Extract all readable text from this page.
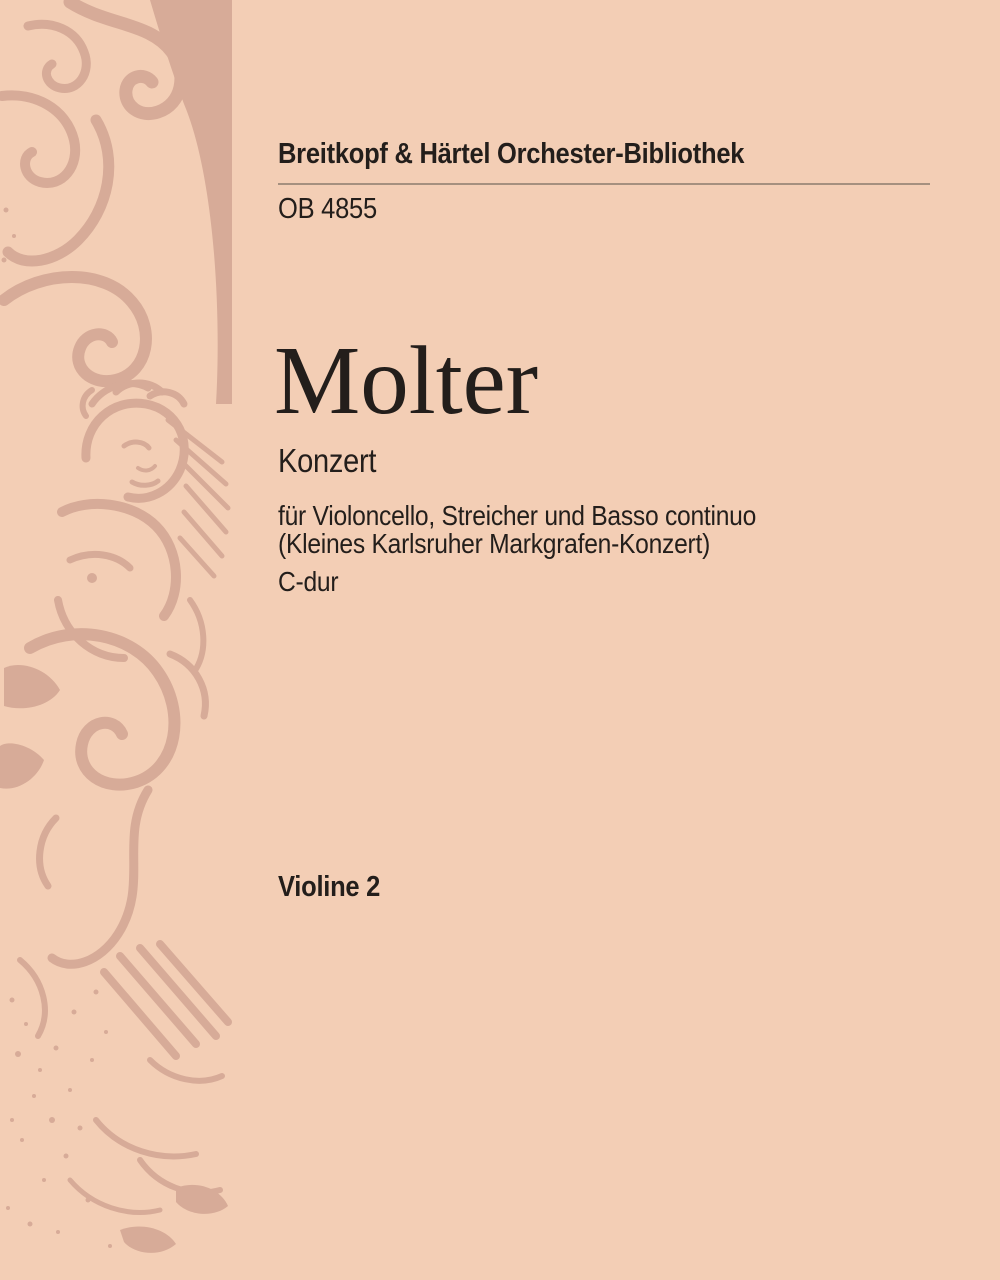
Breitkopf & Härtel Orchester-Bibliothek
OB 4855
Molter
Konzert
für Violoncello, Streicher und Basso continuo
(Kleines Karlsruher Markgrafen-Konzert)
C-dur
Violine 2
